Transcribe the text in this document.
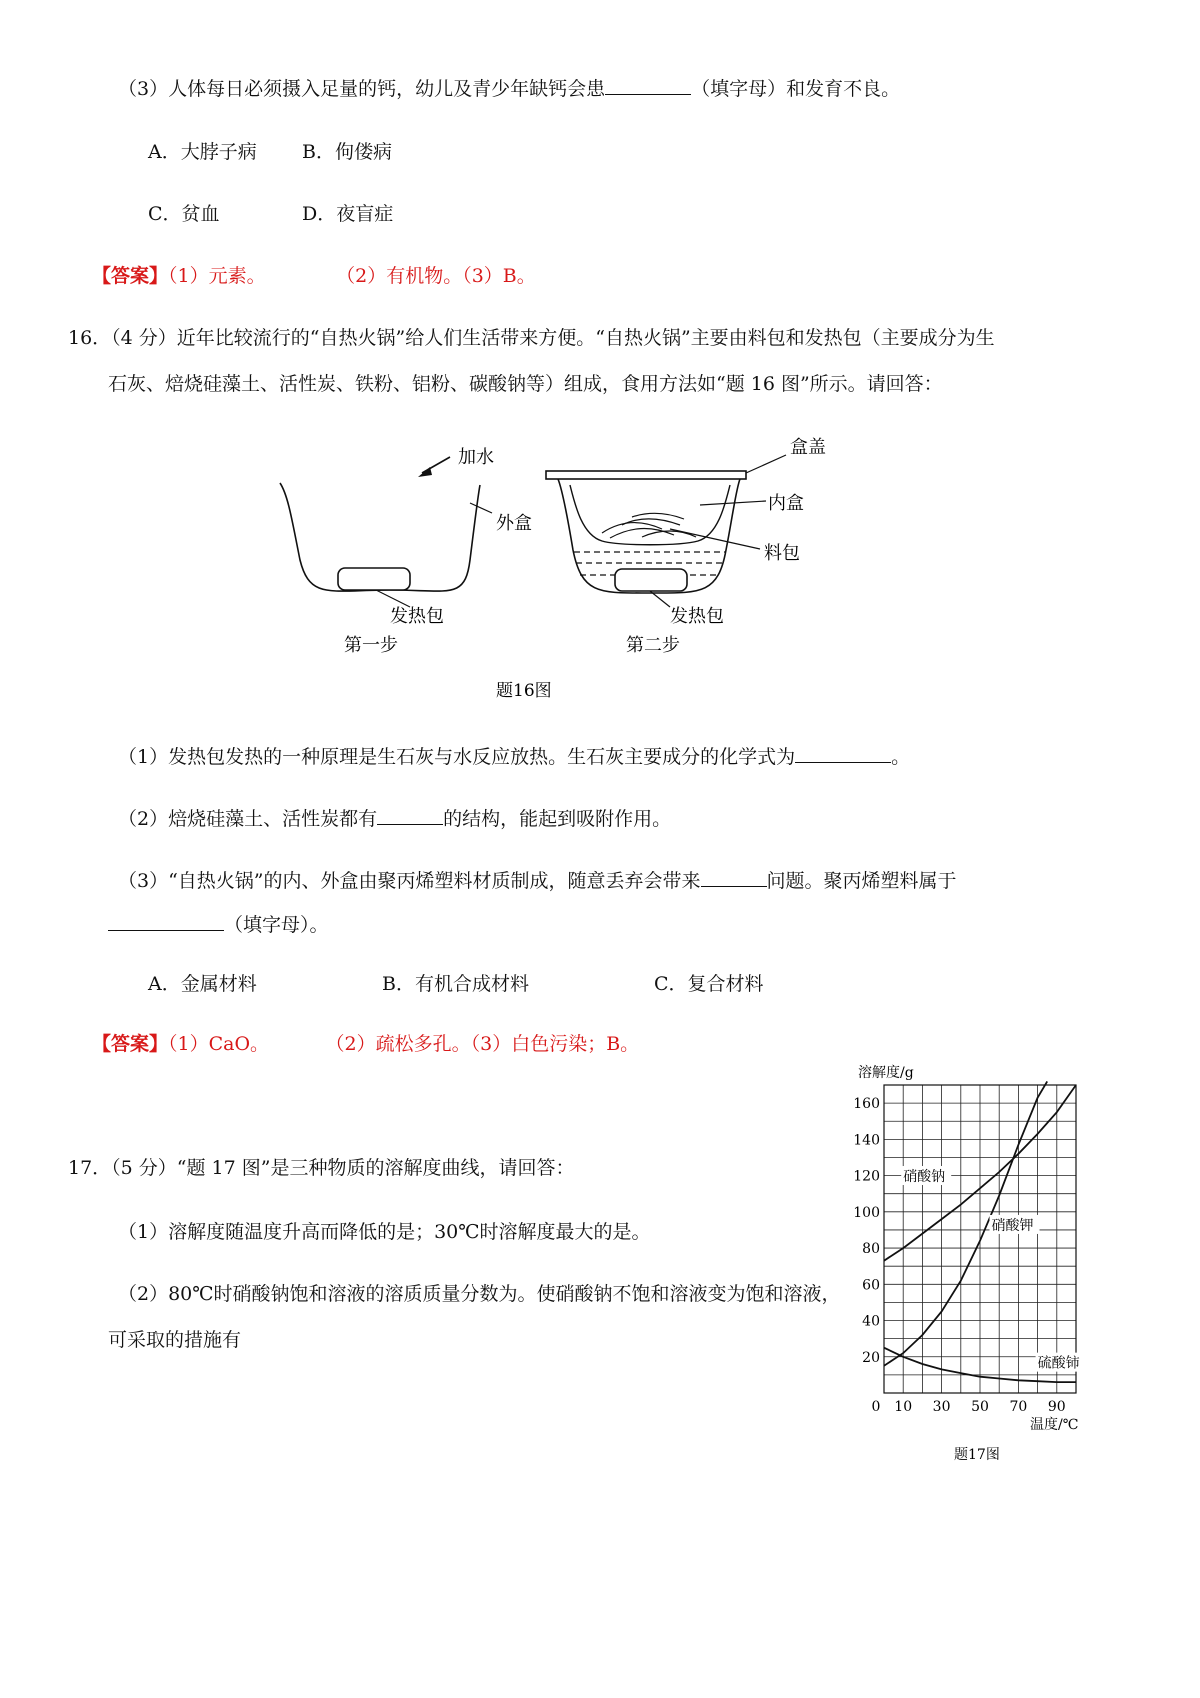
（3）人体每日必须摄入足量的钙，幼儿及青少年缺钙会患	（填字母）和发育不良。
A．大脖子病 B．佝偻病
C．贫血	D．夜盲症
【答案】（1）元素。	（2）有机物。（3）B。
16．（4 分）近年比较流行的“自热火锅”给人们生活带来方便。“自热火锅”主要由料包和发热包（主要成分为生
石灰、焙烧硅藻土、活性炭、铁粉、铝粉、碳酸钠等）组成，食用方法如“题 16 图”所示。请回答：
加水
外盒
发热包
第一步
盒盖
内盒
料包
发热包
第二步
题16图
（1）发热包发热的一种原理是生石灰与水反应放热。生石灰主要成分的化学式为	。
（2）焙烧硅藻土、活性炭都有	的结构，能起到吸附作用。
（3）“自热火锅”的内、外盒由聚丙烯塑料材质制成，随意丢弃会带来	问题。聚丙烯塑料属于
（填字母）。
A．金属材料	B．有机合成材料	C．复合材料
【答案】（1）CaO。	（2）疏松多孔。（3）白色污染；B。
17．（5 分）“题 17 图”是三种物质的溶解度曲线，请回答：
（1）溶解度随温度升高而降低的是；30℃时溶解度最大的是。
（2）80℃时硝酸钠饱和溶液的溶质质量分数为。使硝酸钠不饱和溶液变为饱和溶液，
可采取的措施有
溶解度/g
20
40
60
80
100
120
140
160
0 10 30 50 70 90
硝酸钠
硝酸钾
硫酸铈
温度/℃
题17图
